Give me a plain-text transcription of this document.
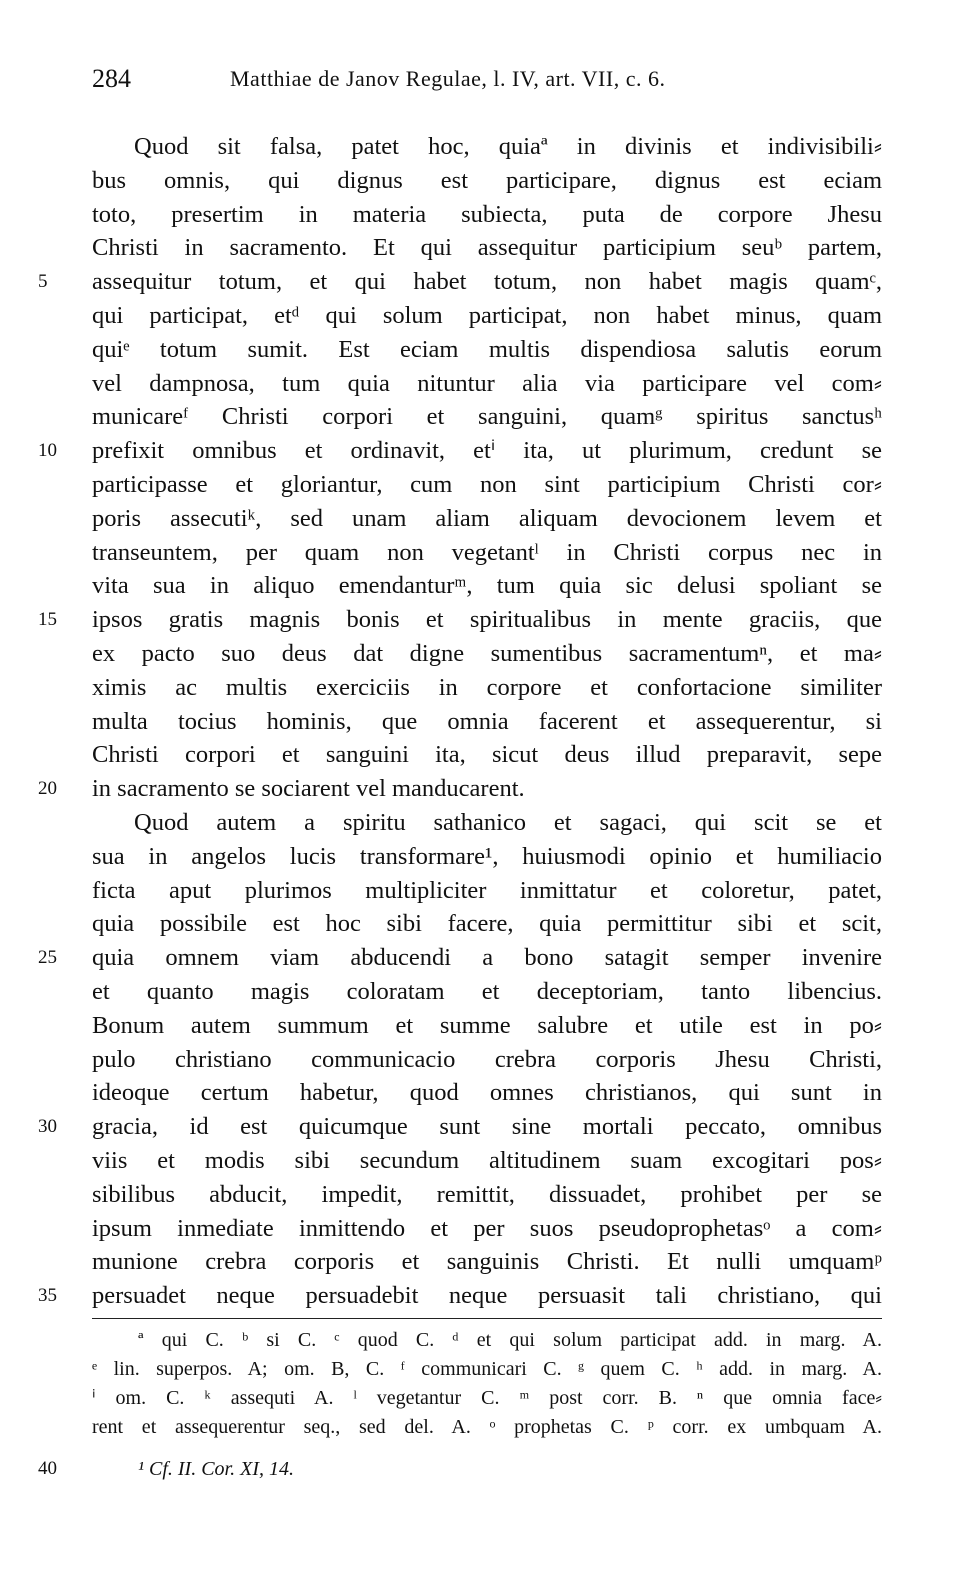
284	Matthiae de Janov Regulae, l. IV, art. VII, c. 6.
Quod sit falsa, patet hoc, quiaª in divinis et indivisibili⸗
bus omnis, qui dignus est participare, dignus est eciam
toto, presertim in materia subiecta, puta de corpore Jhesu
Christi in sacramento. Et qui assequitur participium seuᵇ partem,
5	assequitur totum, et qui habet totum, non habet magis quamᶜ,
qui participat, etᵈ qui solum participat, non habet minus, quam
quiᵉ totum sumit. Est eciam multis dispendiosa salutis eorum
vel dampnosa, tum quia nituntur alia via participare vel com⸗
municareᶠ Christi corpori et sanguini, quamᵍ spiritus sanctusʰ
10	prefixit omnibus et ordinavit, etⁱ ita, ut plurimum, credunt se
participasse et gloriantur, cum non sint participium Christi cor⸗
poris assecutiᵏ, sed unam aliam aliquam devocionem levem et
transeuntem, per quam non vegetantˡ in Christi corpus nec in
vita sua in aliquo emendanturᵐ, tum quia sic delusi spoliant se
15	ipsos gratis magnis bonis et spiritualibus in mente graciis, que
ex pacto suo deus dat digne sumentibus sacramentumⁿ, et ma⸗
ximis ac multis exerciciis in corpore et confortacione similiter
multa tocius hominis, que omnia facerent et assequerentur, si
Christi corpori et sanguini ita, sicut deus illud preparavit, sepe
20	in sacramento se sociarent vel manducarent.
Quod autem a spiritu sathanico et sagaci, qui scit se et
sua in angelos lucis transformare¹, huiusmodi opinio et humiliacio
ficta aput plurimos multipliciter inmittatur et coloretur, patet,
quia possibile est hoc sibi facere, quia permittitur sibi et scit,
25	quia omnem viam abducendi a bono satagit semper invenire
et quanto magis coloratam et deceptoriam, tanto libencius.
Bonum autem summum et summe salubre et utile est in po⸗
pulo christiano communicacio crebra corporis Jhesu Christi,
ideoque certum habetur, quod omnes christianos, qui sunt in
30	gracia, id est quicumque sunt sine mortali peccato, omnibus
viis et modis sibi secundum altitudinem suam excogitari pos⸗
sibilibus abducit, impedit, remittit, dissuadet, prohibet per se
ipsum inmediate inmittendo et per suos pseudoprophetasᵒ a com⸗
munione crebra corporis et sanguinis Christi. Et nulli umquamᵖ
35	persuadet neque persuadebit neque persuasit tali christiano, qui
ª qui C. ᵇ si C. ᶜ quod C. ᵈ et qui solum participat add. in marg. A.
ᵉ lin. superpos. A; om. B, C. ᶠ communicari C. ᵍ quem C. ʰ add. in marg. A.
ⁱ om. C. ᵏ assequti A. ˡ vegetantur C. ᵐ post corr. B. ⁿ que omnia face⸗
rent et assequerentur seq., sed del. A. ᵒ prophetas C. ᵖ corr. ex umbquam A.
40	¹ Cf. II. Cor. XI, 14.
